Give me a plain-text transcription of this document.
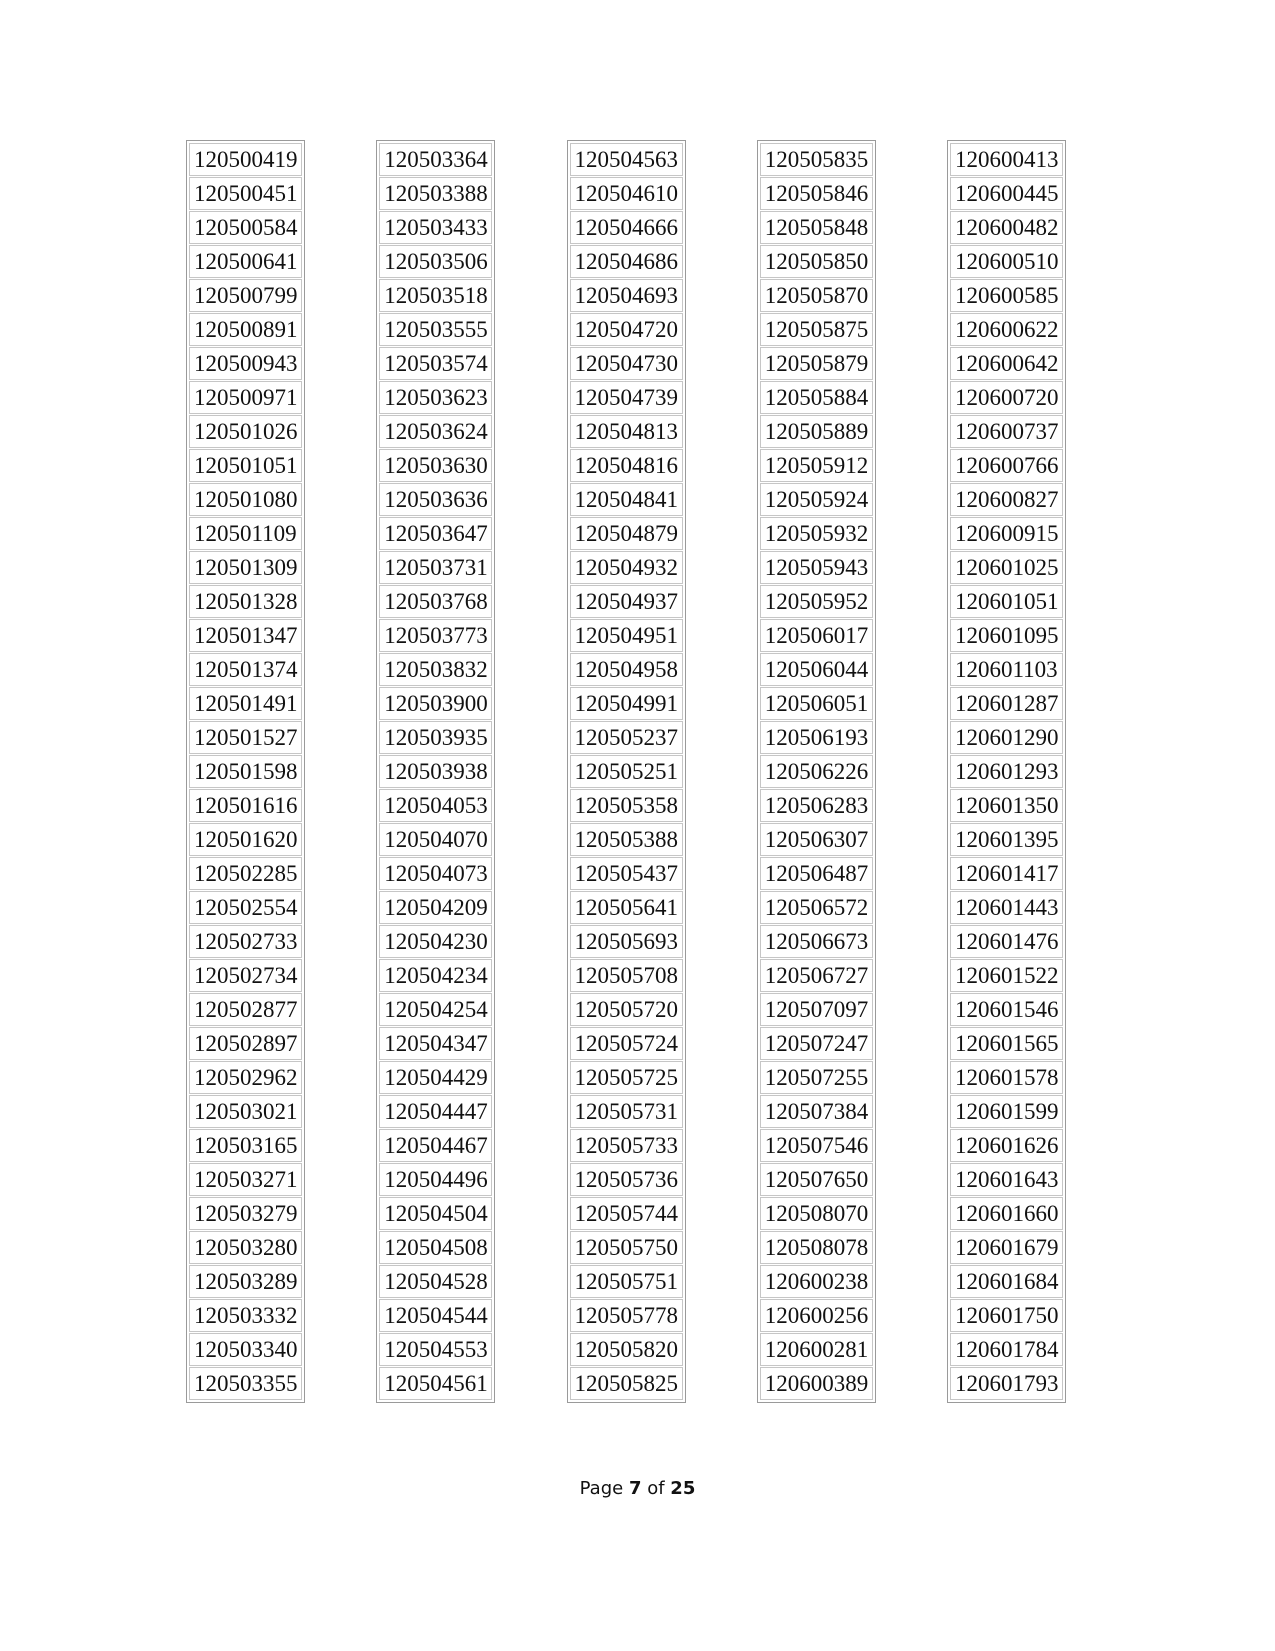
120500419
120500451
120500584
120500641
120500799
120500891
120500943
120500971
120501026
120501051
120501080
120501109
120501309
120501328
120501347
120501374
120501491
120501527
120501598
120501616
120501620
120502285
120502554
120502733
120502734
120502877
120502897
120502962
120503021
120503165
120503271
120503279
120503280
120503289
120503332
120503340
120503355
120503364
120503388
120503433
120503506
120503518
120503555
120503574
120503623
120503624
120503630
120503636
120503647
120503731
120503768
120503773
120503832
120503900
120503935
120503938
120504053
120504070
120504073
120504209
120504230
120504234
120504254
120504347
120504429
120504447
120504467
120504496
120504504
120504508
120504528
120504544
120504553
120504561
120504563
120504610
120504666
120504686
120504693
120504720
120504730
120504739
120504813
120504816
120504841
120504879
120504932
120504937
120504951
120504958
120504991
120505237
120505251
120505358
120505388
120505437
120505641
120505693
120505708
120505720
120505724
120505725
120505731
120505733
120505736
120505744
120505750
120505751
120505778
120505820
120505825
120505835
120505846
120505848
120505850
120505870
120505875
120505879
120505884
120505889
120505912
120505924
120505932
120505943
120505952
120506017
120506044
120506051
120506193
120506226
120506283
120506307
120506487
120506572
120506673
120506727
120507097
120507247
120507255
120507384
120507546
120507650
120508070
120508078
120600238
120600256
120600281
120600389
120600413
120600445
120600482
120600510
120600585
120600622
120600642
120600720
120600737
120600766
120600827
120600915
120601025
120601051
120601095
120601103
120601287
120601290
120601293
120601350
120601395
120601417
120601443
120601476
120601522
120601546
120601565
120601578
120601599
120601626
120601643
120601660
120601679
120601684
120601750
120601784
120601793
Page 7 of 25
